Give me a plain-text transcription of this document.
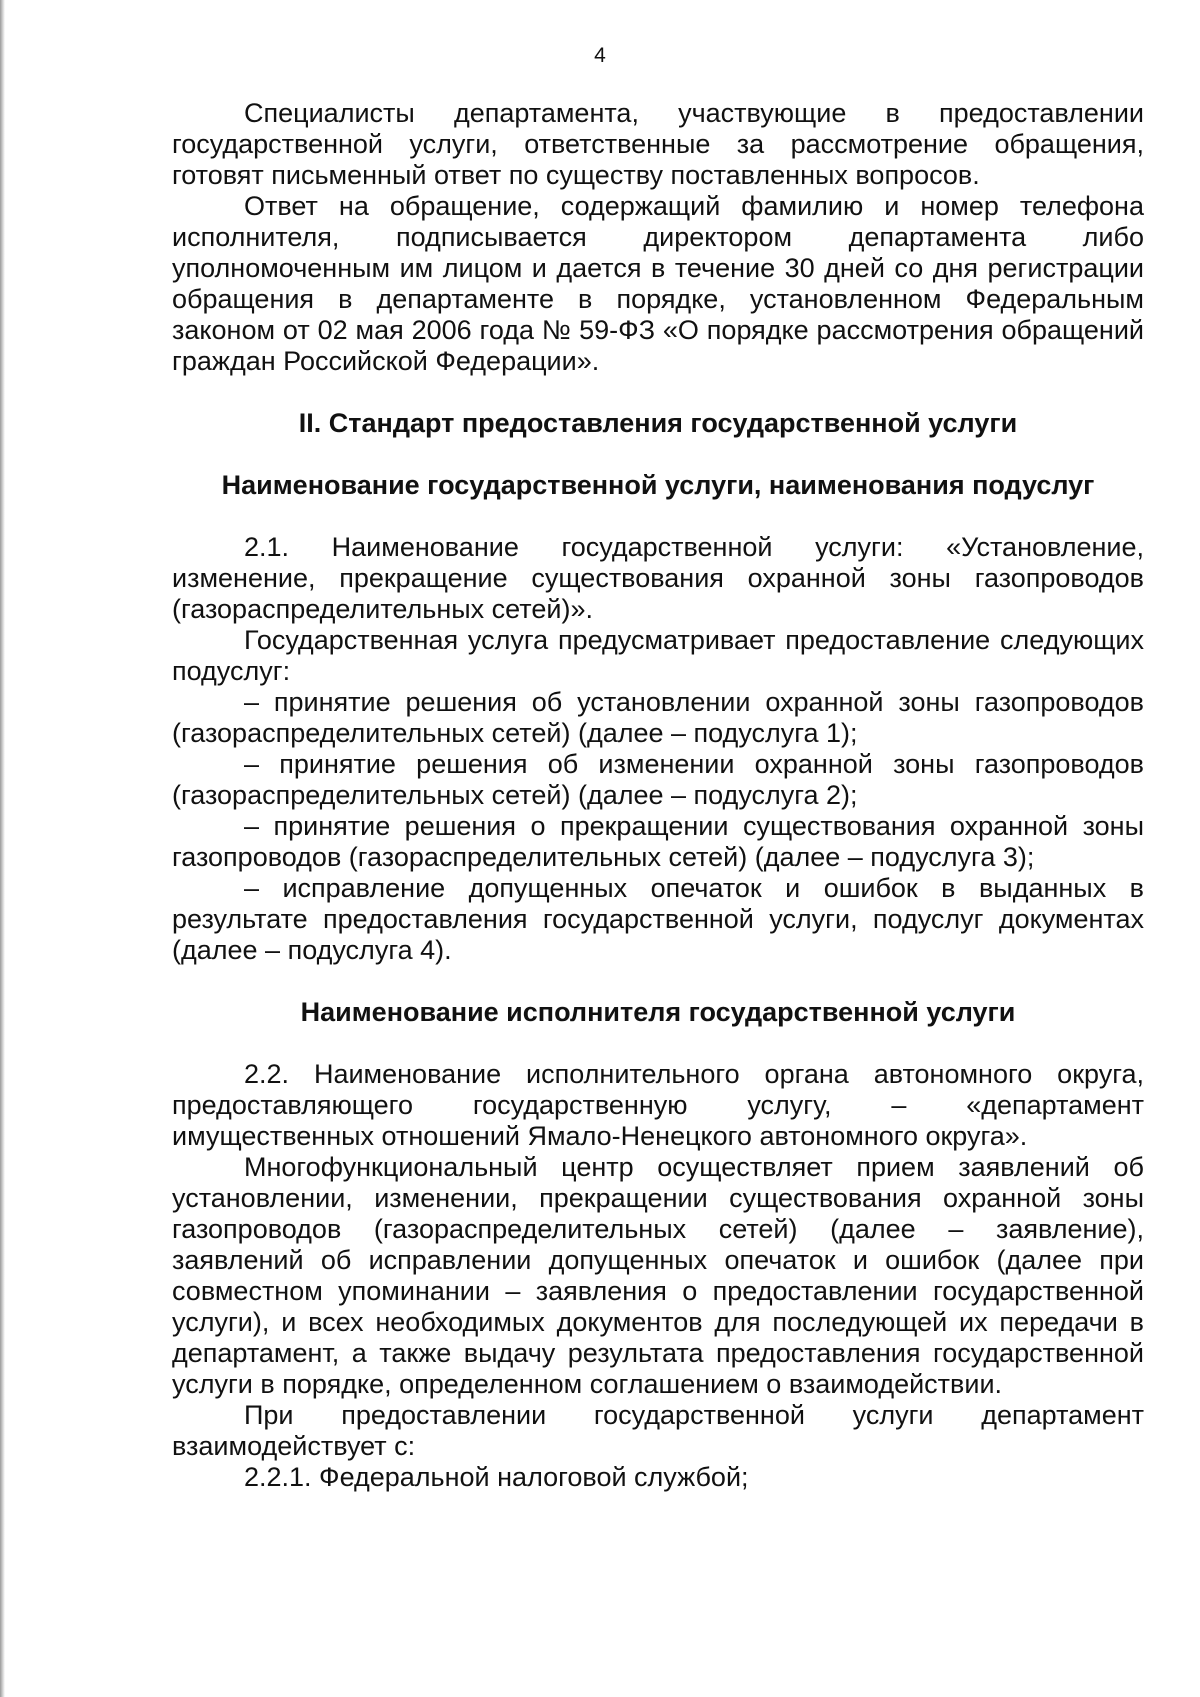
4

Специалисты департамента, участвующие в предоставлении государственной услуги, ответственные за рассмотрение обращения, готовят письменный ответ по существу поставленных вопросов.

Ответ на обращение, содержащий фамилию и номер телефона исполнителя, подписывается директором департамента либо уполномоченным им лицом и дается в течение 30 дней со дня регистрации обращения в департаменте в порядке, установленном Федеральным законом от 02 мая 2006 года № 59-ФЗ «О порядке рассмотрения обращений граждан Российской Федерации».

II. Стандарт предоставления государственной услуги

Наименование государственной услуги, наименования подуслуг

2.1. Наименование государственной услуги: «Установление, изменение, прекращение существования охранной зоны газопроводов (газораспределительных сетей)».

Государственная услуга предусматривает предоставление следующих подуслуг:

– принятие решения об установлении охранной зоны газопроводов (газораспределительных сетей) (далее – подуслуга 1);

– принятие решения об изменении охранной зоны газопроводов (газораспределительных сетей) (далее – подуслуга 2);

– принятие решения о прекращении существования охранной зоны газопроводов (газораспределительных сетей) (далее – подуслуга 3);

– исправление допущенных опечаток и ошибок в выданных в результате предоставления государственной услуги, подуслуг документах (далее – подуслуга 4).

Наименование исполнителя государственной услуги

2.2. Наименование исполнительного органа автономного округа, предоставляющего государственную услугу, – «департамент имущественных отношений Ямало-Ненецкого автономного округа».

Многофункциональный центр осуществляет прием заявлений об установлении, изменении, прекращении существования охранной зоны газопроводов (газораспределительных сетей) (далее – заявление), заявлений об исправлении допущенных опечаток и ошибок (далее при совместном упоминании – заявления о предоставлении государственной услуги), и всех необходимых документов для последующей их передачи в департамент, а также выдачу результата предоставления государственной услуги в порядке, определенном соглашением о взаимодействии.

При предоставлении государственной услуги департамент взаимодействует с:

2.2.1. Федеральной налоговой службой;
